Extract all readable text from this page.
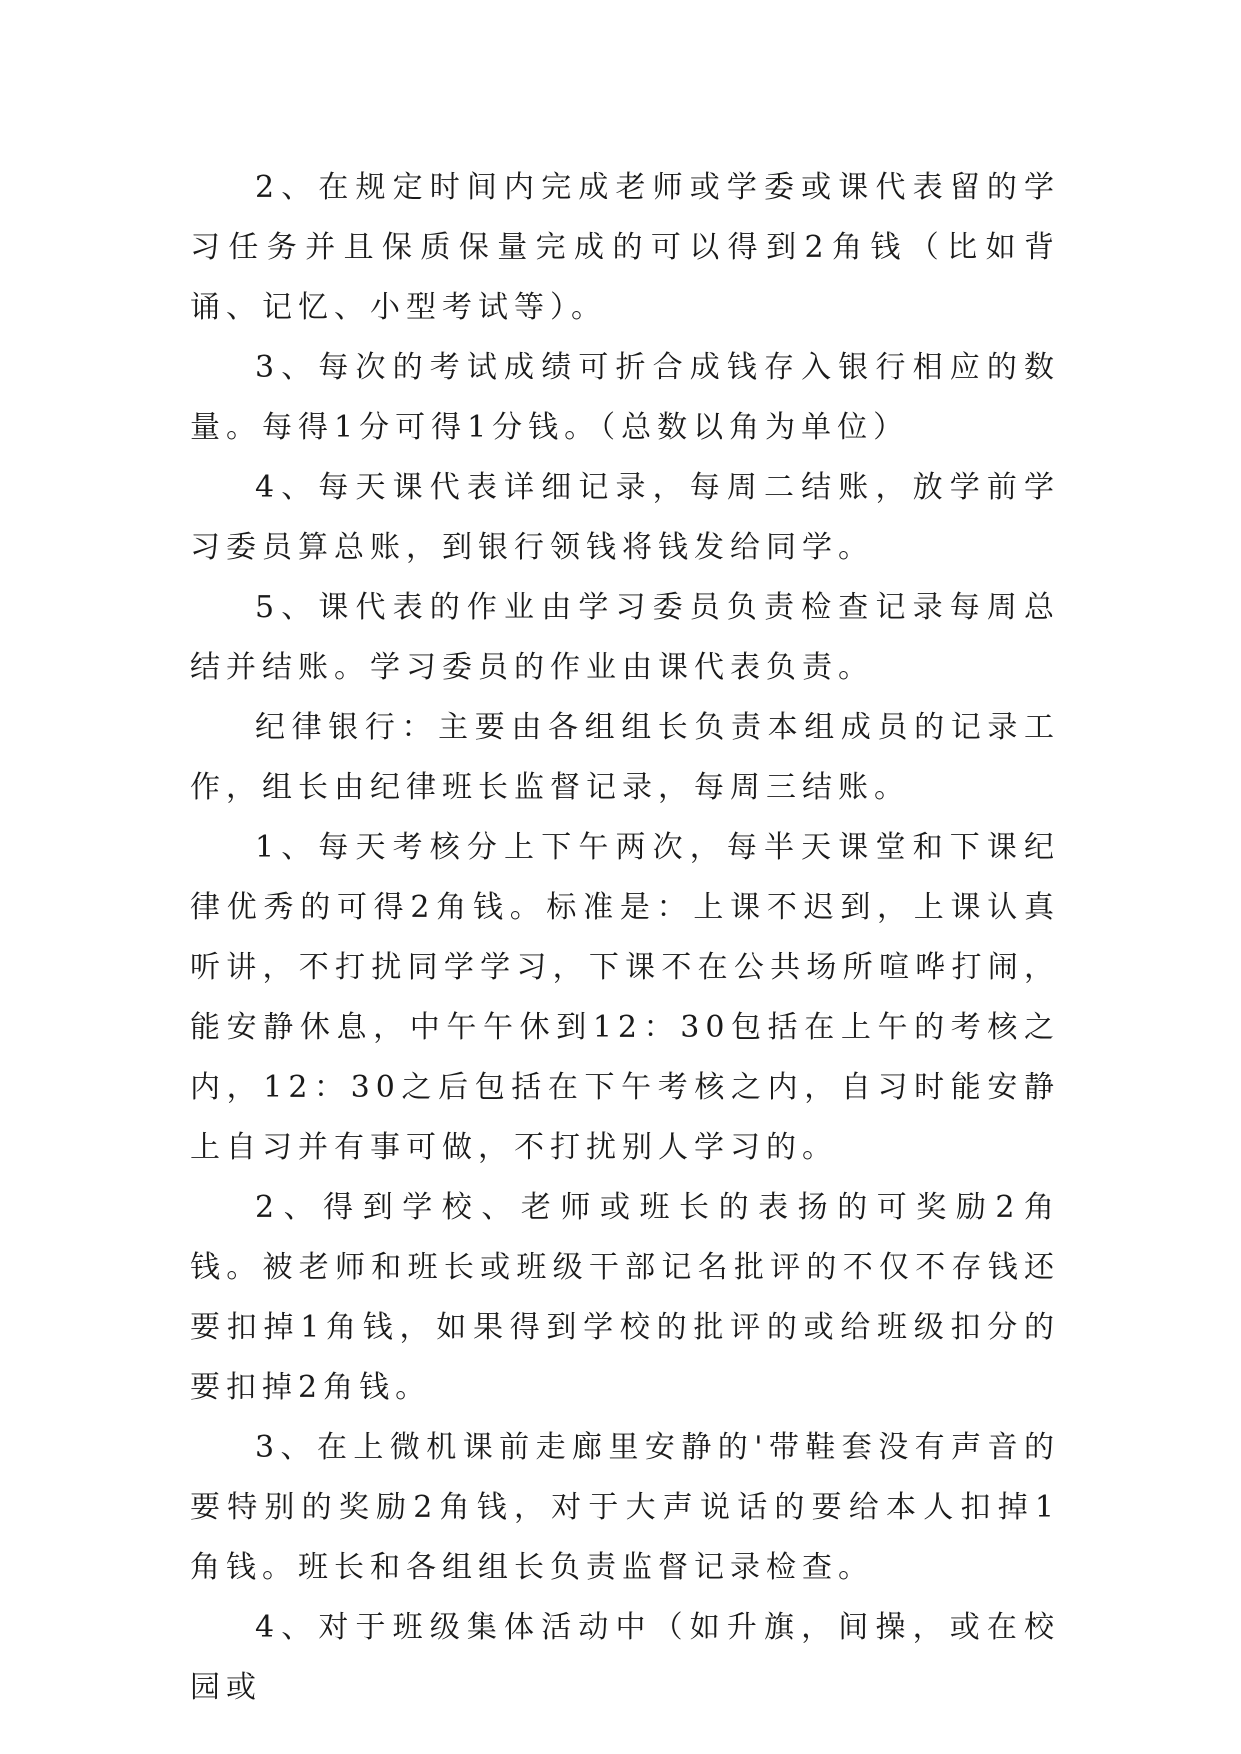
2、在规定时间内完成老师或学委或课代表留的学习任务并且保质保量完成的可以得到2角钱（比如背诵、记忆、小型考试等）。

3、每次的考试成绩可折合成钱存入银行相应的数量。每得1分可得1分钱。（总数以角为单位）

4、每天课代表详细记录，每周二结账，放学前学习委员算总账，到银行领钱将钱发给同学。

5、课代表的作业由学习委员负责检查记录每周总结并结账。学习委员的作业由课代表负责。

纪律银行：主要由各组组长负责本组成员的记录工作，组长由纪律班长监督记录，每周三结账。

1、每天考核分上下午两次，每半天课堂和下课纪律优秀的可得2角钱。标准是：上课不迟到，上课认真听讲，不打扰同学学习，下课不在公共场所喧哗打闹，能安静休息，中午午休到12：30包括在上午的考核之内，12：30之后包括在下午考核之内，自习时能安静上自习并有事可做，不打扰别人学习的。

2、得到学校、老师或班长的表扬的可奖励2角钱。被老师和班长或班级干部记名批评的不仅不存钱还要扣掉1角钱，如果得到学校的批评的或给班级扣分的要扣掉2角钱。

3、在上微机课前走廊里安静的'带鞋套没有声音的要特别的奖励2角钱，对于大声说话的要给本人扣掉1角钱。班长和各组组长负责监督记录检查。

4、对于班级集体活动中（如升旗，间操，或在校园或
